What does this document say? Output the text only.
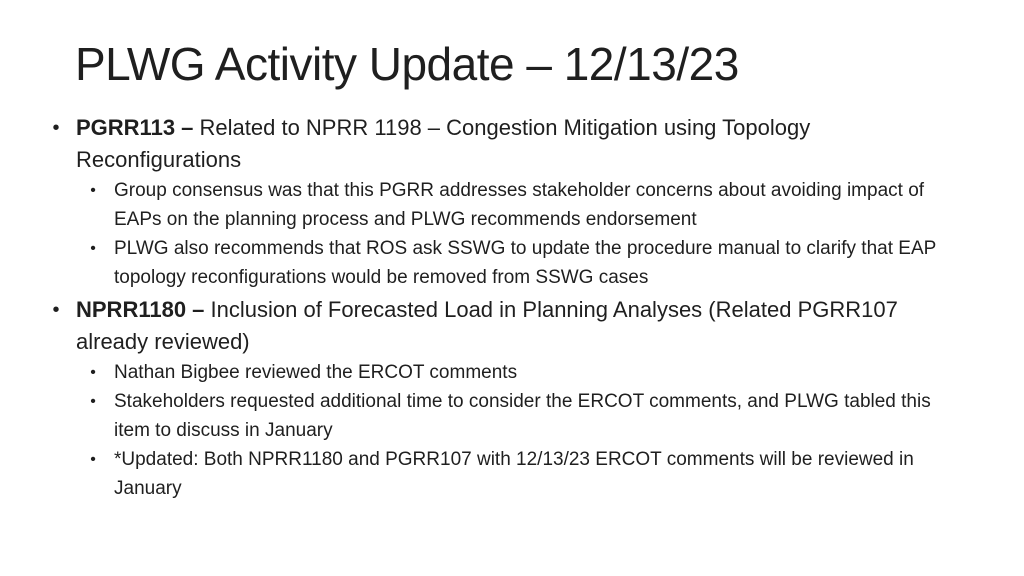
PLWG Activity Update – 12/13/23
• PGRR113 – Related to NPRR 1198 – Congestion Mitigation using Topology Reconfigurations
• Group consensus was that this PGRR addresses stakeholder concerns about avoiding impact of EAPs on the planning process and PLWG recommends endorsement
• PLWG also recommends that ROS ask SSWG to update the procedure manual to clarify that EAP topology reconfigurations would be removed from SSWG cases
• NPRR1180 – Inclusion of Forecasted Load in Planning Analyses (Related PGRR107 already reviewed)
• Nathan Bigbee reviewed the ERCOT comments
• Stakeholders requested additional time to consider the ERCOT comments, and PLWG tabled this item to discuss in January
• *Updated: Both NPRR1180 and PGRR107 with 12/13/23 ERCOT comments will be reviewed in January
